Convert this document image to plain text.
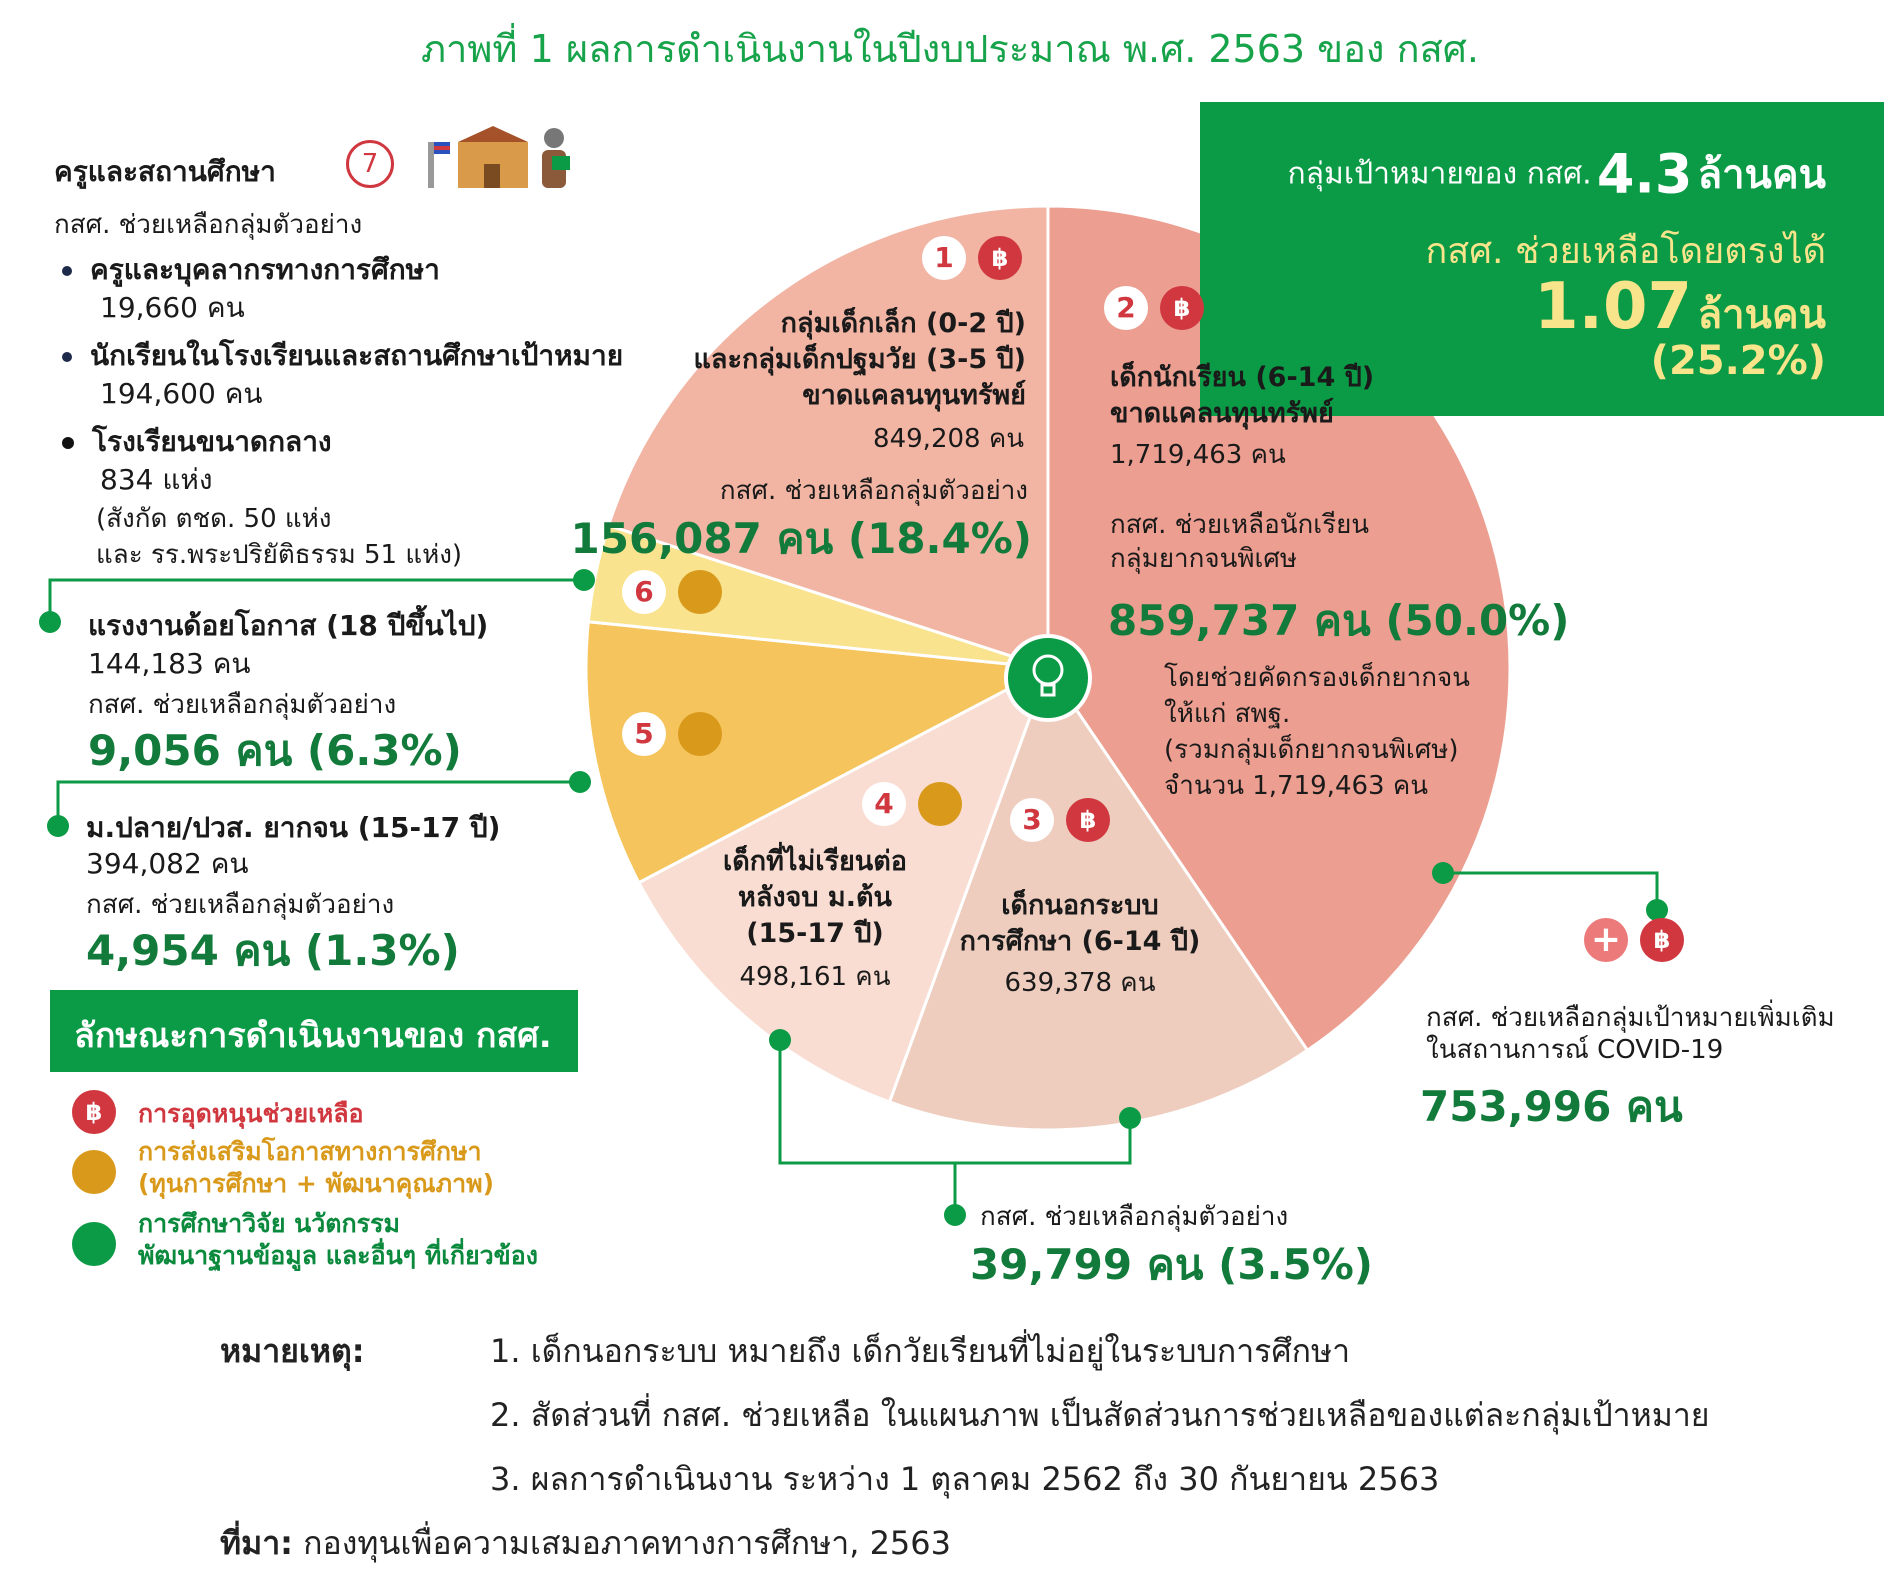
ภาพที่ 1 ผลการดำเนินงานในปีงบประมาณ พ.ศ. 2563 ของ กสศ.
กลุ่มเป้าหมายของ กสศ. 4.3 ล้านคน
กสศ. ช่วยเหลือโดยตรงได้
1.07 ล้านคน
(25.2%)
ครูและสถานศึกษา	7
กสศ. ช่วยเหลือกลุ่มตัวอย่าง
ครูและบุคลากรทางการศึกษา
19,660 คน
นักเรียนในโรงเรียนและสถานศึกษาเป้าหมาย
194,600 คน
โรงเรียนขนาดกลาง
834 แห่ง
(สังกัด ตชด. 50 แห่ง
และ รร.พระปริยัติธรรม 51 แห่ง)
1	฿
กลุ่มเด็กเล็ก (0-2 ปี)
และกลุ่มเด็กปฐมวัย (3-5 ปี)
ขาดแคลนทุนทรัพย์
849,208 คน
กสศ. ช่วยเหลือกลุ่มตัวอย่าง
156,087 คน (18.4%)
2	฿
เด็กนักเรียน (6-14 ปี)
ขาดแคลนทุนทรัพย์
1,719,463 คน
กสศ. ช่วยเหลือนักเรียน
กลุ่มยากจนพิเศษ
859,737 คน (50.0%)
โดยช่วยคัดกรองเด็กยากจน
ให้แก่ สพฐ.
(รวมกลุ่มเด็กยากจนพิเศษ)
จำนวน 1,719,463 คน
3	฿
เด็กนอกระบบ
การศึกษา (6-14 ปี)
639,378 คน
4
เด็กที่ไม่เรียนต่อ
หลังจบ ม.ต้น
(15-17 ปี)
498,161 คน
กสศ. ช่วยเหลือกลุ่มตัวอย่าง
39,799 คน (3.5%)
6
แรงงานด้อยโอกาส (18 ปีขึ้นไป)
144,183 คน
กสศ. ช่วยเหลือกลุ่มตัวอย่าง
9,056 คน (6.3%)	5
ม.ปลาย/ปวส. ยากจน (15-17 ปี)
394,082 คน
กสศ. ช่วยเหลือกลุ่มตัวอย่าง
4,954 คน (1.3%)	+	฿
กสศ. ช่วยเหลือกลุ่มเป้าหมายเพิ่มเติม
ในสถานการณ์ COVID-19
753,996 คน
ลักษณะการดำเนินงานของ กสศ.
฿	การอุดหนุนช่วยเหลือ
การส่งเสริมโอกาสทางการศึกษา
(ทุนการศึกษา + พัฒนาคุณภาพ)
การศึกษาวิจัย นวัตกรรม
พัฒนาฐานข้อมูล และอื่นๆ ที่เกี่ยวข้อง
หมายเหตุ:	1. เด็กนอกระบบ หมายถึง เด็กวัยเรียนที่ไม่อยู่ในระบบการศึกษา
2. สัดส่วนที่ กสศ. ช่วยเหลือ ในแผนภาพ เป็นสัดส่วนการช่วยเหลือของแต่ละกลุ่มเป้าหมาย
3. ผลการดำเนินงาน ระหว่าง 1 ตุลาคม 2562 ถึง 30 กันยายน 2563
ที่มา: กองทุนเพื่อความเสมอภาคทางการศึกษา, 2563
